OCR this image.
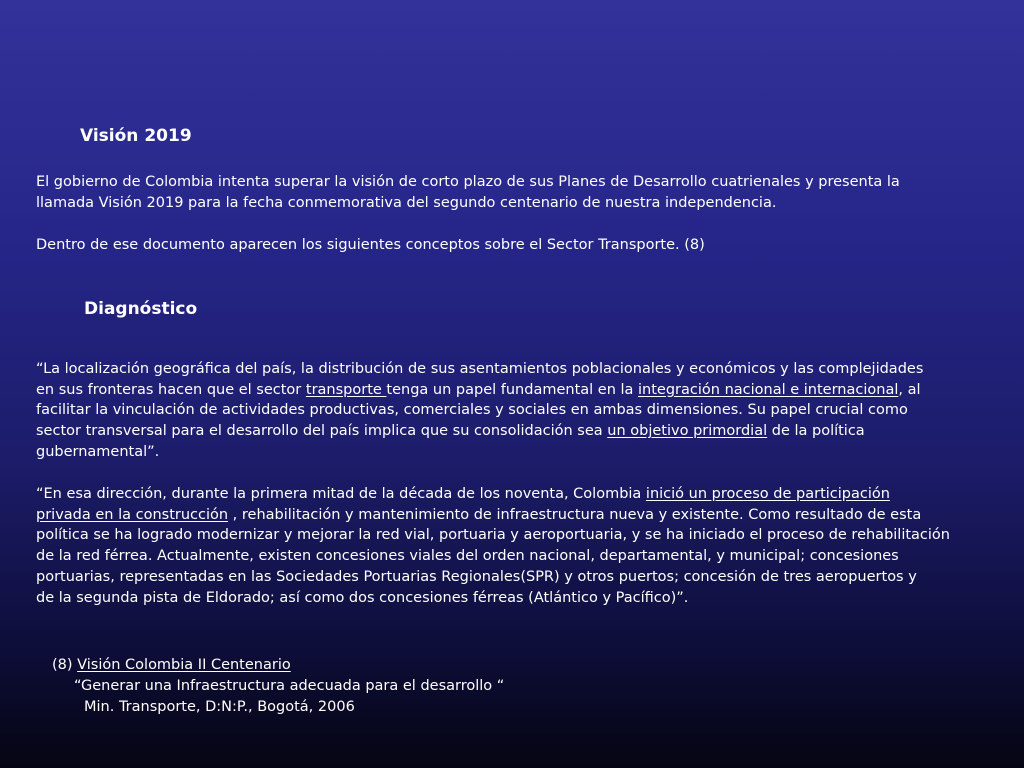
Visión 2019

El gobierno de Colombia intenta superar la visión de corto plazo de sus Planes de Desarrollo cuatrienales y presenta la
llamada Visión 2019 para la fecha conmemorativa del segundo centenario de nuestra independencia.

Dentro de ese documento aparecen los siguientes conceptos sobre el Sector Transporte. (8)

Diagnóstico

“La localización geográfica del país, la distribución de sus asentamientos poblacionales y económicos y las complejidades
en sus fronteras hacen que el sector transporte tenga un papel fundamental en la integración nacional e internacional, al
facilitar la vinculación de actividades productivas, comerciales y sociales en ambas dimensiones. Su papel crucial como
sector transversal para el desarrollo del país implica que su consolidación sea un objetivo primordial de la política
gubernamental”.

“En esa dirección, durante la primera mitad de la década de los noventa, Colombia inició un proceso de participación
privada en la construcción , rehabilitación y mantenimiento de infraestructura nueva y existente. Como resultado de esta
política se ha logrado modernizar y mejorar la red vial, portuaria y aeroportuaria, y se ha iniciado el proceso de rehabilitación
de la red férrea. Actualmente, existen concesiones viales del orden nacional, departamental, y municipal; concesiones
portuarias, representadas en las Sociedades Portuarias Regionales(SPR) y otros puertos; concesión de tres aeropuertos y
de la segunda pista de Eldorado; así como dos concesiones férreas (Atlántico y Pacífico)”.

(8) Visión Colombia II Centenario

“Generar una Infraestructura adecuada para el desarrollo “

Min. Transporte, D:N:P., Bogotá, 2006
